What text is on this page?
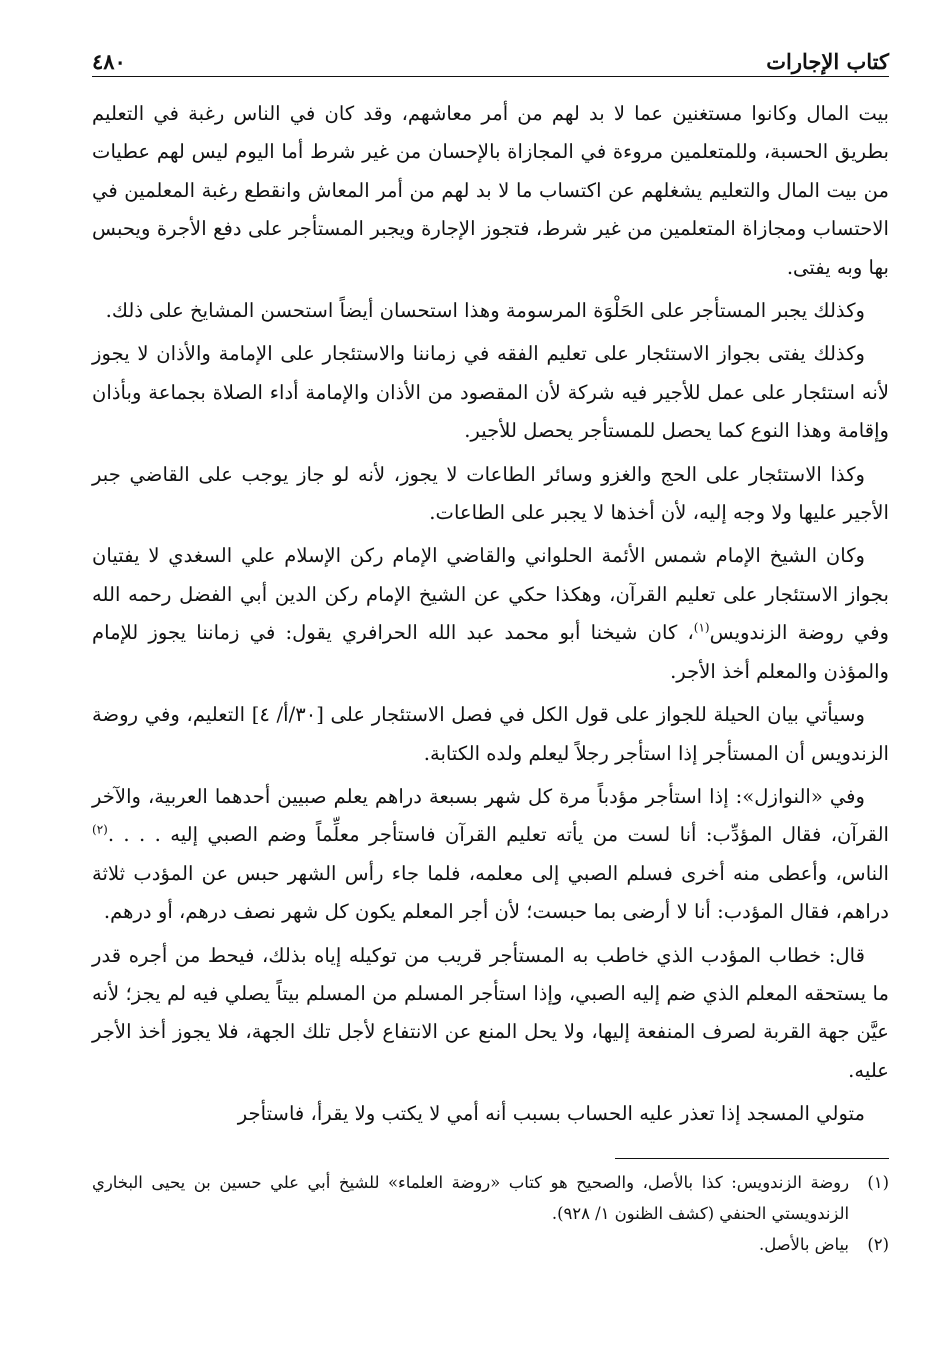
كتاب الإجارات
٤٨٠

بيت المال وكانوا مستغنين عما لا بد لهم من أمر معاشهم، وقد كان في الناس رغبة في التعليم بطريق الحسبة، وللمتعلمين مروءة في المجازاة بالإحسان من غير شرط أما اليوم ليس لهم عطيات من بيت المال والتعليم يشغلهم عن اكتساب ما لا بد لهم من أمر المعاش وانقطع رغبة المعلمين في الاحتساب ومجازاة المتعلمين من غير شرط، فتجوز الإجارة ويجبر المستأجر على دفع الأجرة ويحبس بها وبه يفتى.

وكذلك يجبر المستأجر على الحَلْوَة المرسومة وهذا استحسان أيضاً استحسن المشايخ على ذلك.

وكذلك يفتى بجواز الاستئجار على تعليم الفقه في زماننا والاستئجار على الإمامة والأذان لا يجوز لأنه استئجار على عمل للأجير فيه شركة لأن المقصود من الأذان والإمامة أداء الصلاة بجماعة وبأذان وإقامة وهذا النوع كما يحصل للمستأجر يحصل للأجير.

وكذا الاستئجار على الحج والغزو وسائر الطاعات لا يجوز، لأنه لو جاز يوجب على القاضي جبر الأجير عليها ولا وجه إليه، لأن أخذها لا يجبر على الطاعات.

وكان الشيخ الإمام شمس الأئمة الحلواني والقاضي الإمام ركن الإسلام علي السغدي لا يفتيان بجواز الاستئجار على تعليم القرآن، وهكذا حكي عن الشيخ الإمام ركن الدين أبي الفضل رحمه الله وفي روضة الزندويس$^{(١)}$، كان شيخنا أبو محمد عبد الله الحرافري يقول: في زماننا يجوز للإمام والمؤذن والمعلم أخذ الأجر.

وسيأتي بيان الحيلة للجواز على قول الكل في فصل الاستئجار على [٣٠/أ/ ٤] التعليم، وفي روضة الزندويس أن المستأجر إذا استأجر رجلاً ليعلم ولده الكتابة.

وفي «النوازل»: إذا استأجر مؤدباً مرة كل شهر بسبعة دراهم يعلم صبيين أحدهما العربية، والآخر القرآن، فقال المؤدِّب: أنا لست من يأته تعليم القرآن فاستأجر معلِّماً وضم الصبي إليه . . . .$^{(٢)}$ الناس، وأعطى منه أخرى فسلم الصبي إلى معلمه، فلما جاء رأس الشهر حبس عن المؤدب ثلاثة دراهم، فقال المؤدب: أنا لا أرضى بما حبست؛ لأن أجر المعلم يكون كل شهر نصف درهم، أو درهم.

قال: خطاب المؤدب الذي خاطب به المستأجر قريب من توكيله إياه بذلك، فيحط من أجره قدر ما يستحقه المعلم الذي ضم إليه الصبي، وإذا استأجر المسلم من المسلم بيتاً يصلي فيه لم يجز؛ لأنه عيَّن جهة القربة لصرف المنفعة إليها، ولا يحل المنع عن الانتفاع لأجل تلك الجهة، فلا يجوز أخذ الأجر عليه.

متولي المسجد إذا تعذر عليه الحساب بسبب أنه أمي لا يكتب ولا يقرأ، فاستأجر

(١)
روضة الزندويس: كذا بالأصل، والصحيح هو كتاب «روضة العلماء» للشيخ أبي علي حسين بن يحيى البخاري الزندويستي الحنفي (كشف الظنون ١/ ٩٢٨).
(٢)
بياض بالأصل.
